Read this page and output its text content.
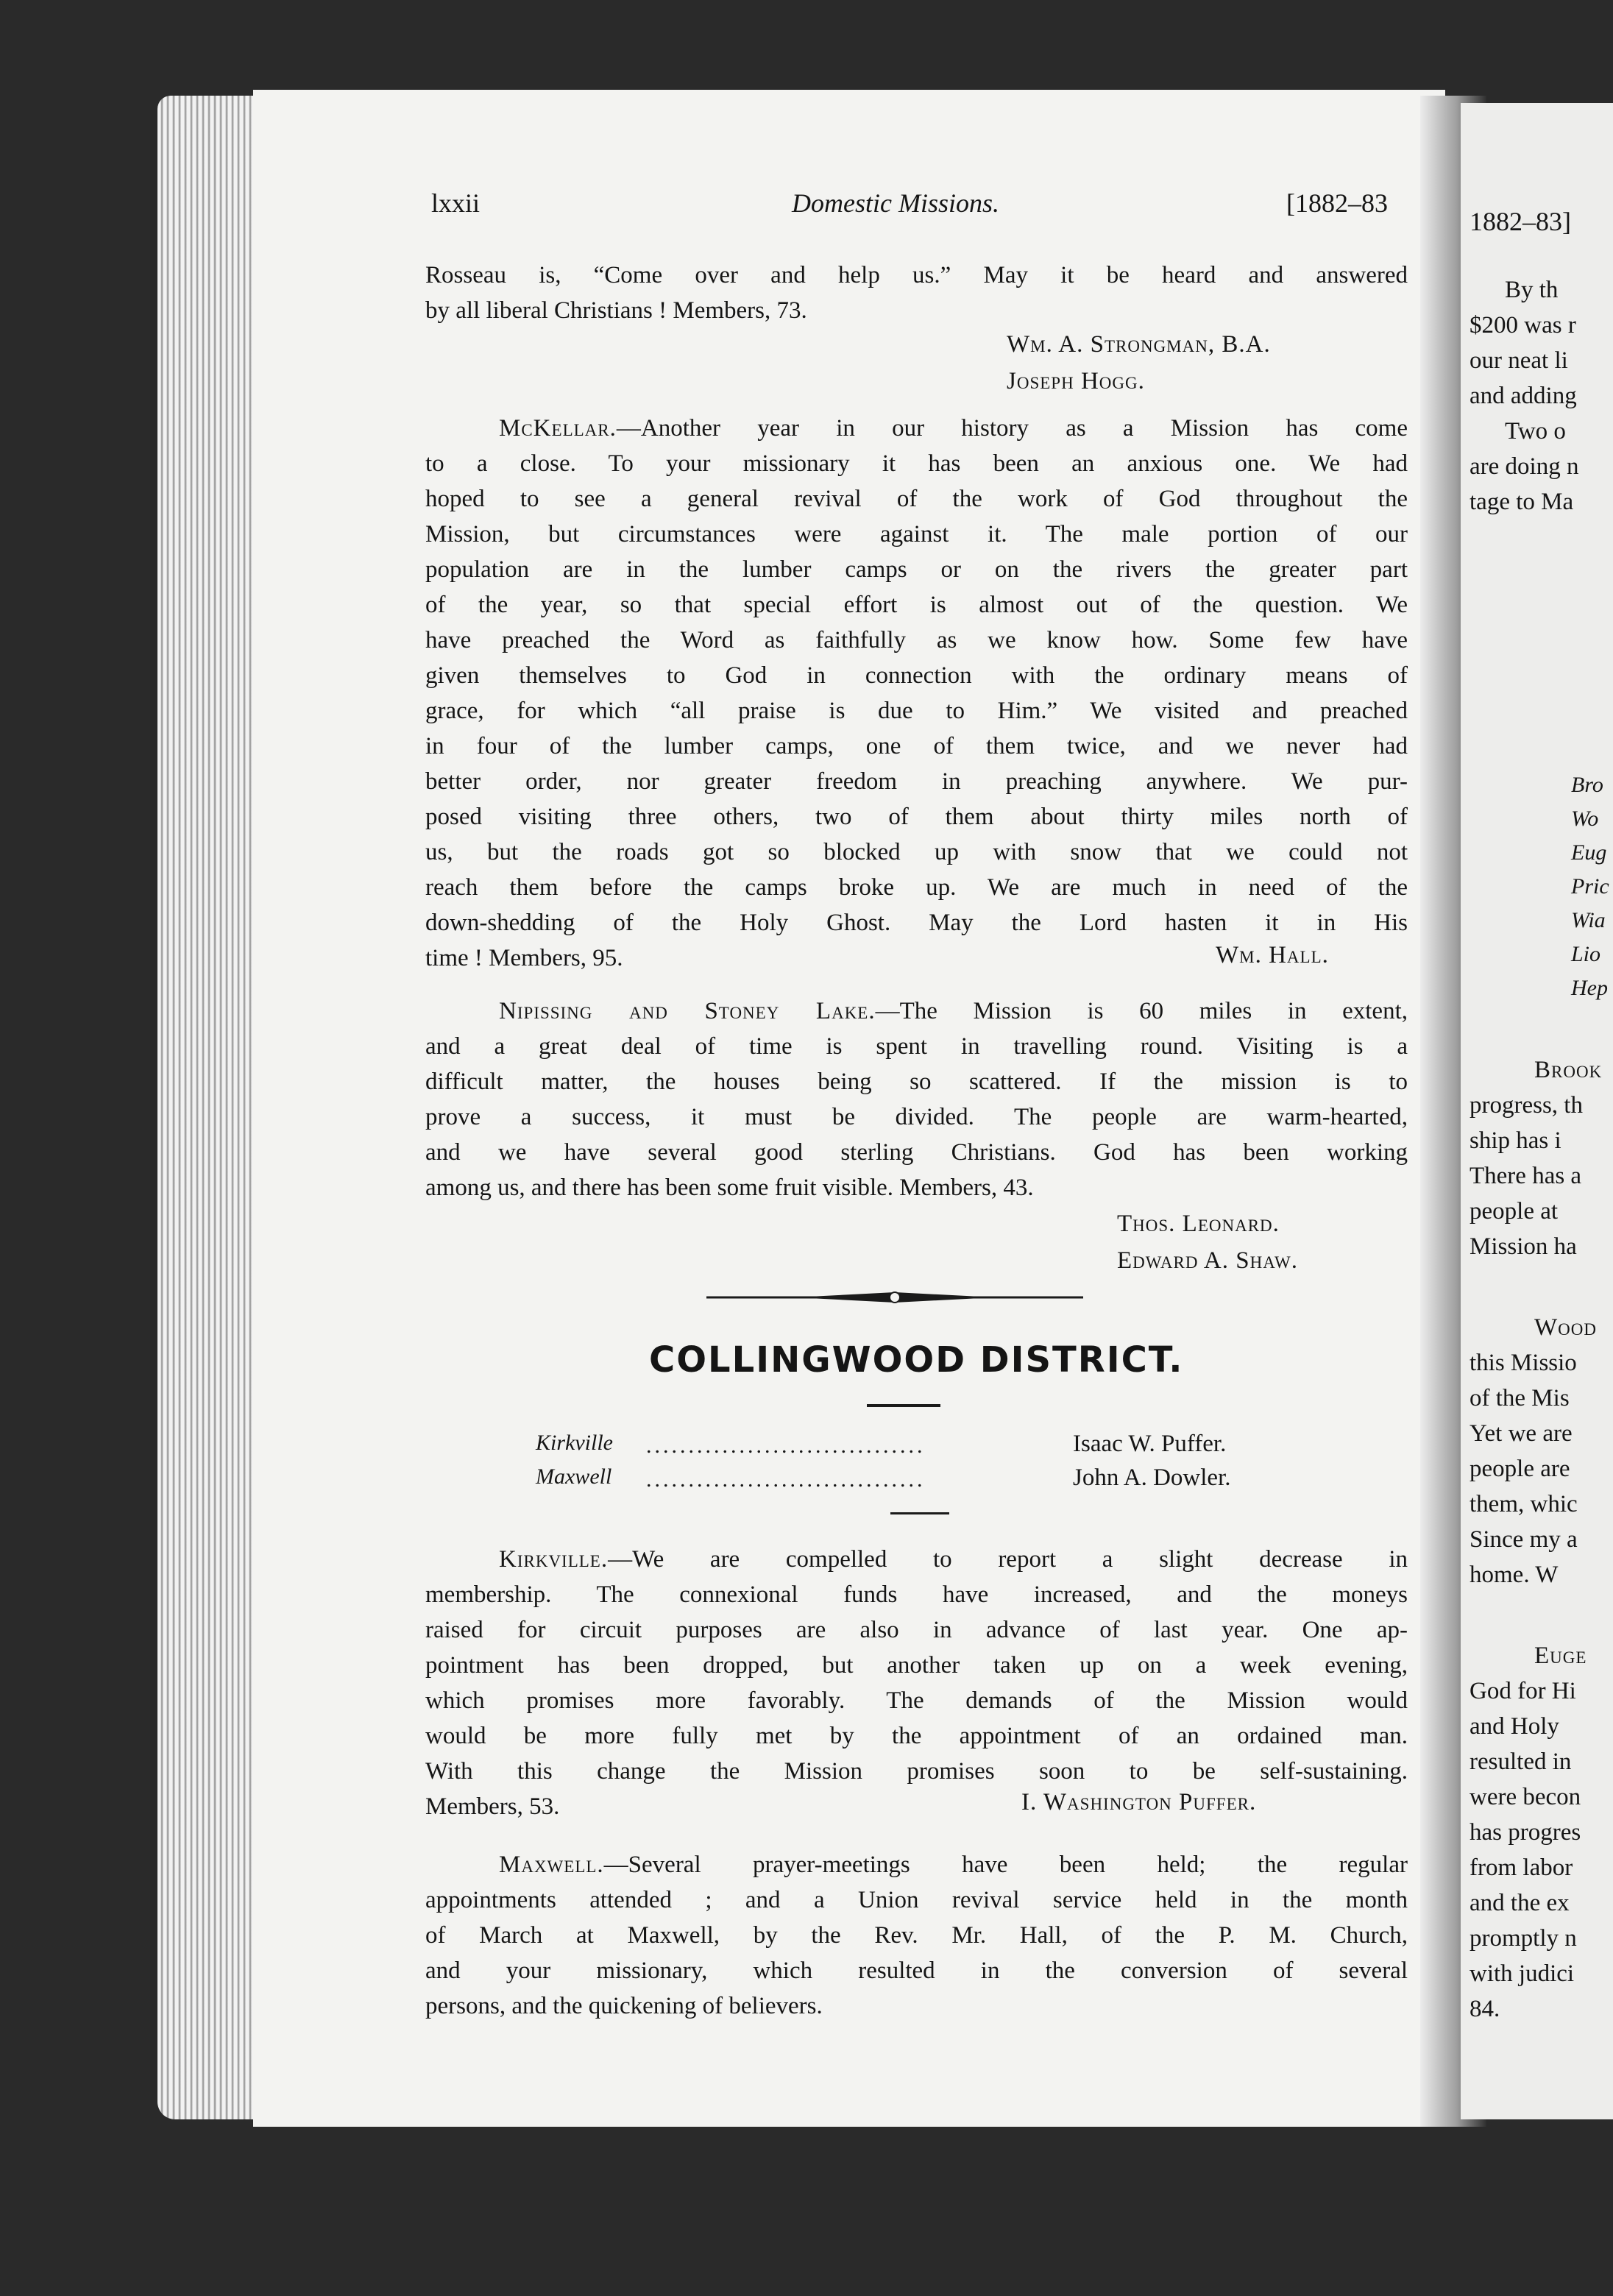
lxxii	Domestic Missions.	[1882–83
Rosseau is, “Come over and help us.” May it be heard and answered
by all liberal Christians ! Members, 73.
Wm. A. Strongman, B.A.
Joseph Hogg.
McKellar.—Another year in our history as a Mission has come
to a close. To your missionary it has been an anxious one. We had
hoped to see a general revival of the work of God throughout the
Mission, but circumstances were against it. The male portion of our
population are in the lumber camps or on the rivers the greater part
of the year, so that special effort is almost out of the question. We
have preached the Word as faithfully as we know how. Some few have
given themselves to God in connection with the ordinary means of
grace, for which “all praise is due to Him.” We visited and preached
in four of the lumber camps, one of them twice, and we never had
better order, nor greater freedom in preaching anywhere. We pur-
posed visiting three others, two of them about thirty miles north of
us, but the roads got so blocked up with snow that we could not
reach them before the camps broke up. We are much in need of the
down-shedding of the Holy Ghost. May the Lord hasten it in His
time ! Members, 95.	Wm. Hall.
Nipissing and Stoney Lake.—The Mission is 60 miles in extent,
and a great deal of time is spent in travelling round. Visiting is a
difficult matter, the houses being so scattered. If the mission is to
prove a success, it must be divided. The people are warm-hearted,
and we have several good sterling Christians. God has been working
among us, and there has been some fruit visible. Members, 43.
Thos. Leonard.
Edward A. Shaw.
COLLINGWOOD DISTRICT.
Kirkville .................................	Isaac W. Puffer.
Maxwell .................................	John A. Dowler.
Kirkville.—We are compelled to report a slight decrease in
membership. The connexional funds have increased, and the moneys
raised for circuit purposes are also in advance of last year. One ap-
pointment has been dropped, but another taken up on a week evening,
which promises more favorably. The demands of the Mission would
would be more fully met by the appointment of an ordained man.
With this change the Mission promises soon to be self-sustaining.
Members, 53.	I. Washington Puffer.
Maxwell.—Several prayer-meetings have been held; the regular
appointments attended ; and a Union revival service held in the month
of March at Maxwell, by the Rev. Mr. Hall, of the P. M. Church,
and your missionary, which resulted in the conversion of several
persons, and the quickening of believers.
1882–83]
By th
$200 was r
our neat li
and adding
Two o
are doing n
tage to Ma
Bro
Wo
Eug
Pric
Wia
Lio
Hep
Brook
progress, th
ship has i
There has a
people at
Mission ha
Wood
this Missio
of the Mis
Yet we are
people are
them, whic
Since my a
home. W
Euge
God for Hi
and Holy
resulted in
were becon
has progres
from labor
and the ex
promptly n
with judici
84.
